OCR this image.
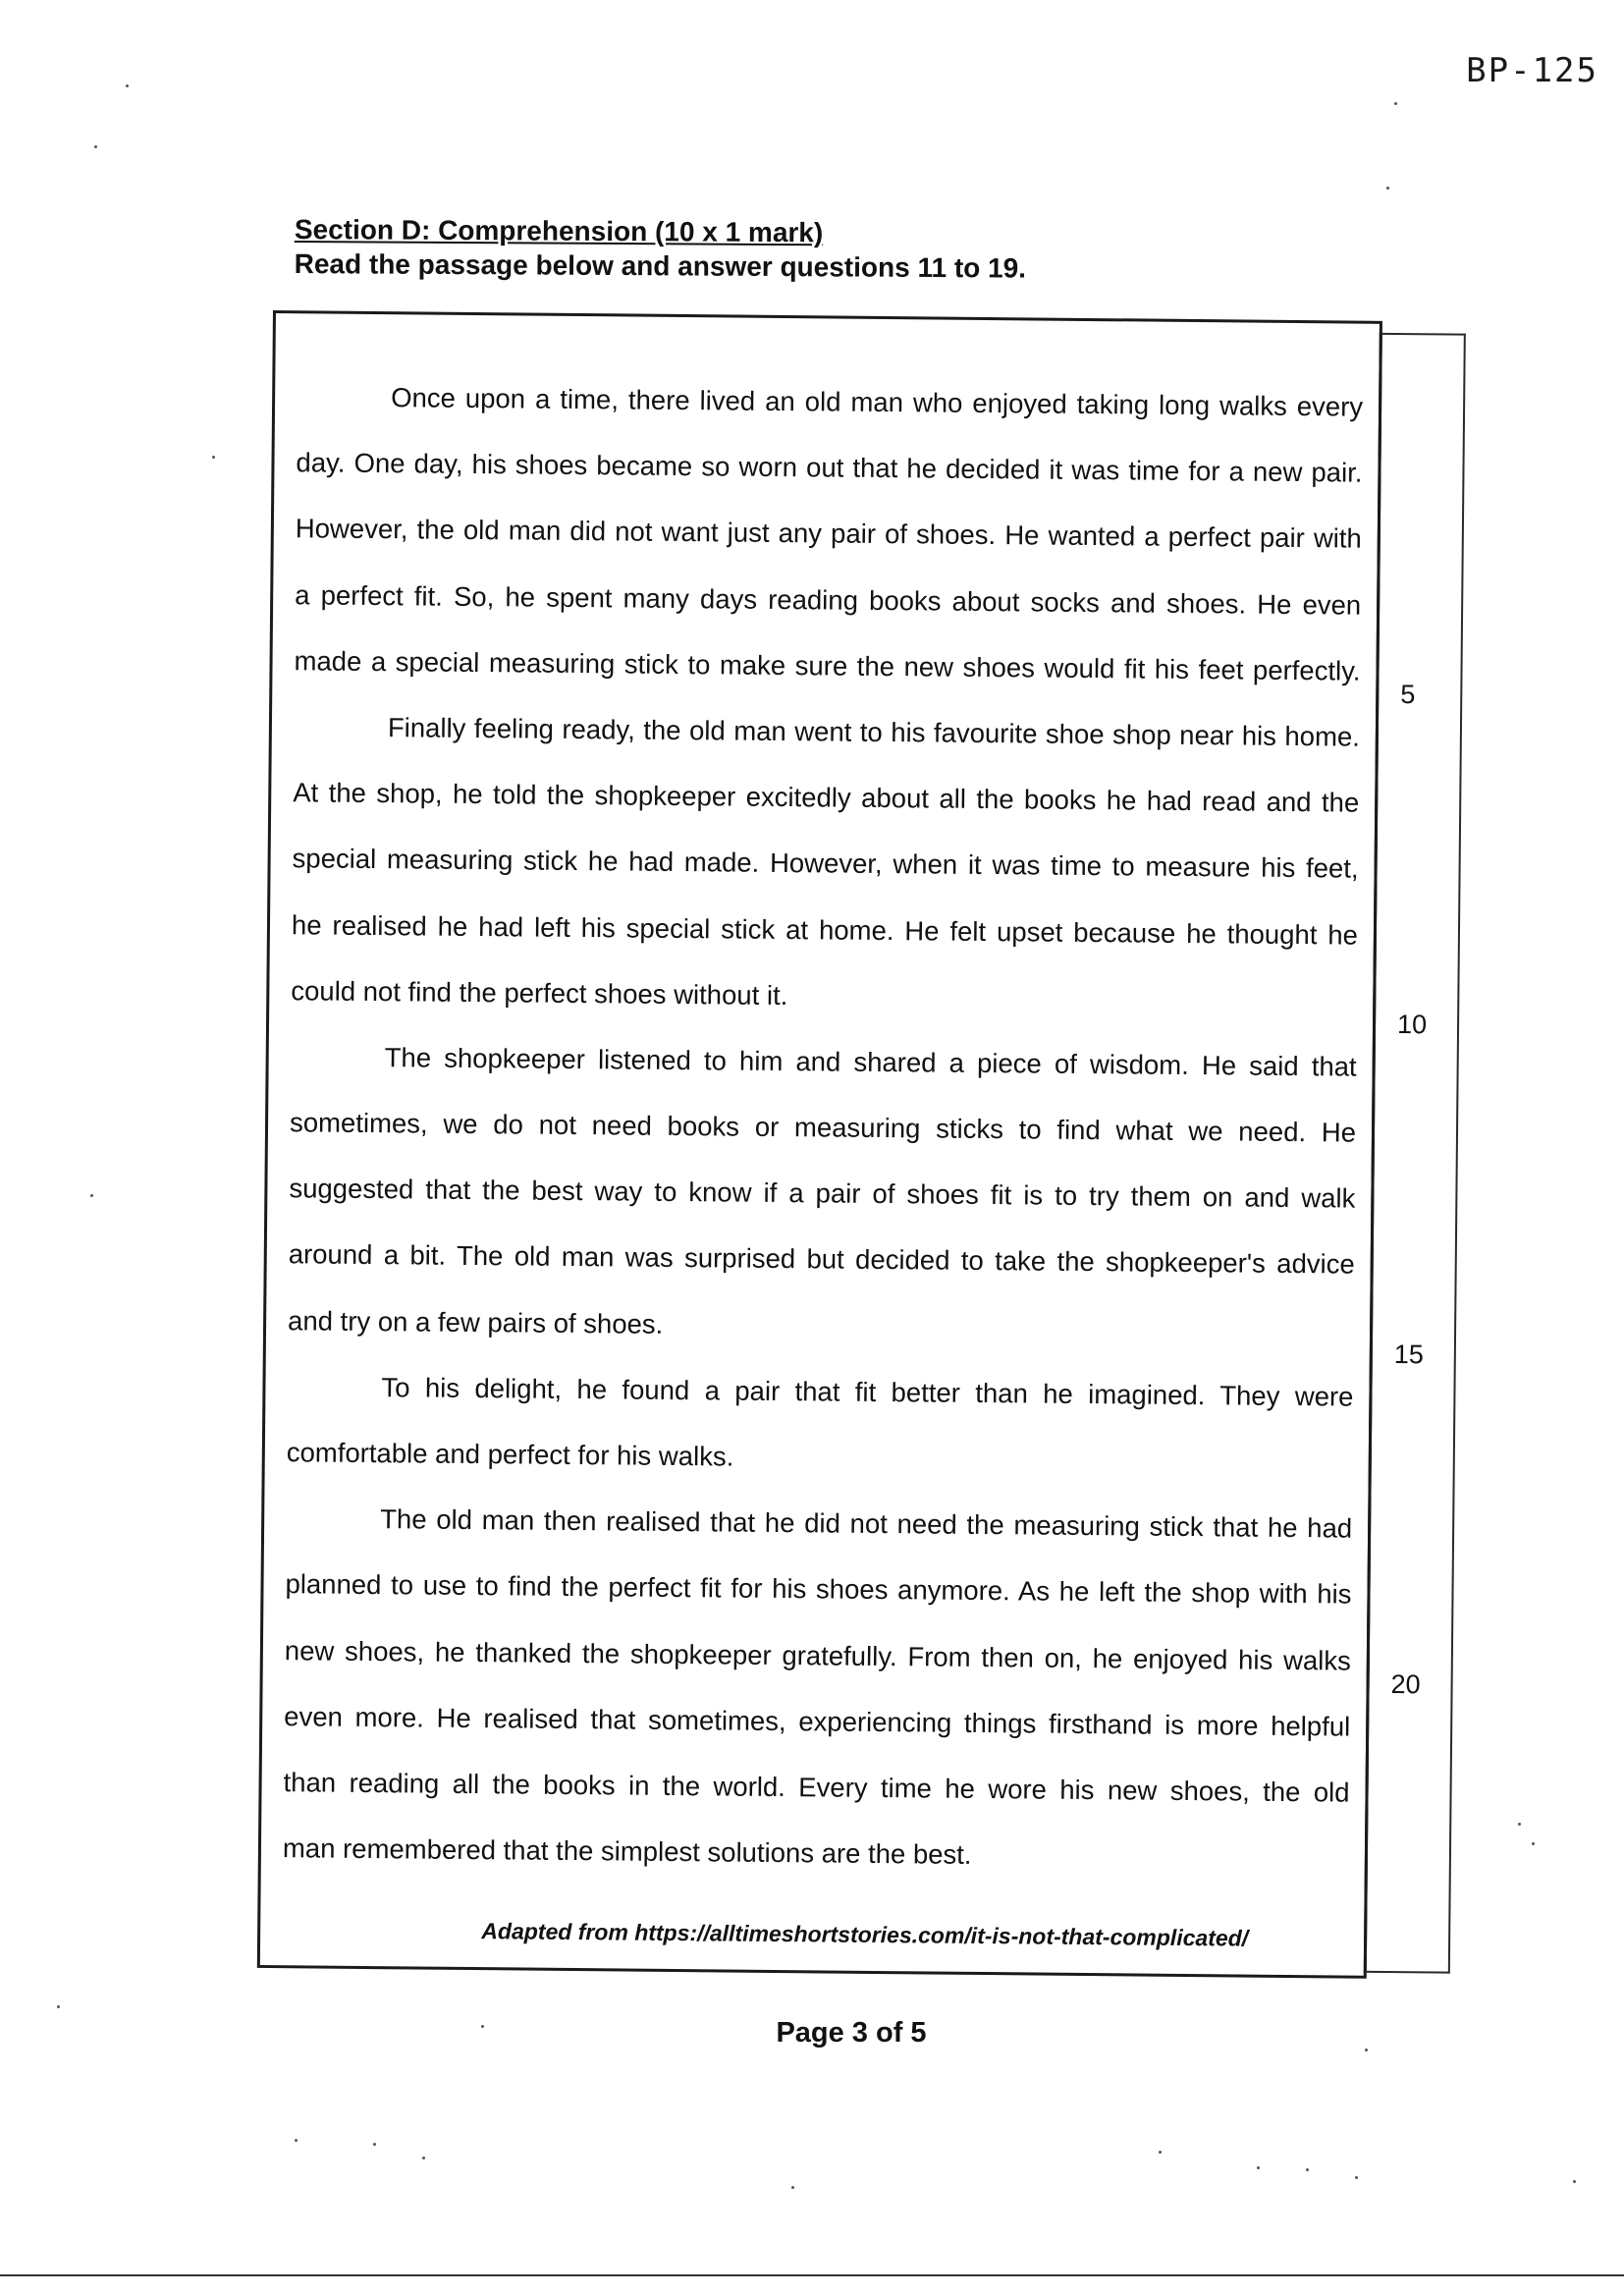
BP-125
Section D: Comprehension (10 x 1 mark)
Read the passage below and answer questions 11 to 19.
Once upon a time, there lived an old man who enjoyed taking long walks every
day. One day, his shoes became so worn out that he decided it was time for a new pair.
However, the old man did not want just any pair of shoes. He wanted a perfect pair with
a perfect fit. So, he spent many days reading books about socks and shoes. He even
made a special measuring stick to make sure the new shoes would fit his feet perfectly.
Finally feeling ready, the old man went to his favourite shoe shop near his home.
At the shop, he told the shopkeeper excitedly about all the books he had read and the
special measuring stick he had made. However, when it was time to measure his feet,
he realised he had left his special stick at home. He felt upset because he thought he
could not find the perfect shoes without it.
The shopkeeper listened to him and shared a piece of wisdom. He said that
sometimes, we do not need books or measuring sticks to find what we need. He
suggested that the best way to know if a pair of shoes fit is to try them on and walk
around a bit. The old man was surprised but decided to take the shopkeeper's advice
and try on a few pairs of shoes.
To his delight, he found a pair that fit better than he imagined. They were
comfortable and perfect for his walks.
The old man then realised that he did not need the measuring stick that he had
planned to use to find the perfect fit for his shoes anymore. As he left the shop with his
new shoes, he thanked the shopkeeper gratefully. From then on, he enjoyed his walks
even more. He realised that sometimes, experiencing things firsthand is more helpful
than reading all the books in the world. Every time he wore his new shoes, the old
man remembered that the simplest solutions are the best.
Adapted from https://alltimeshortstories.com/it-is-not-that-complicated/
5
10
15
20
Page 3 of 5
